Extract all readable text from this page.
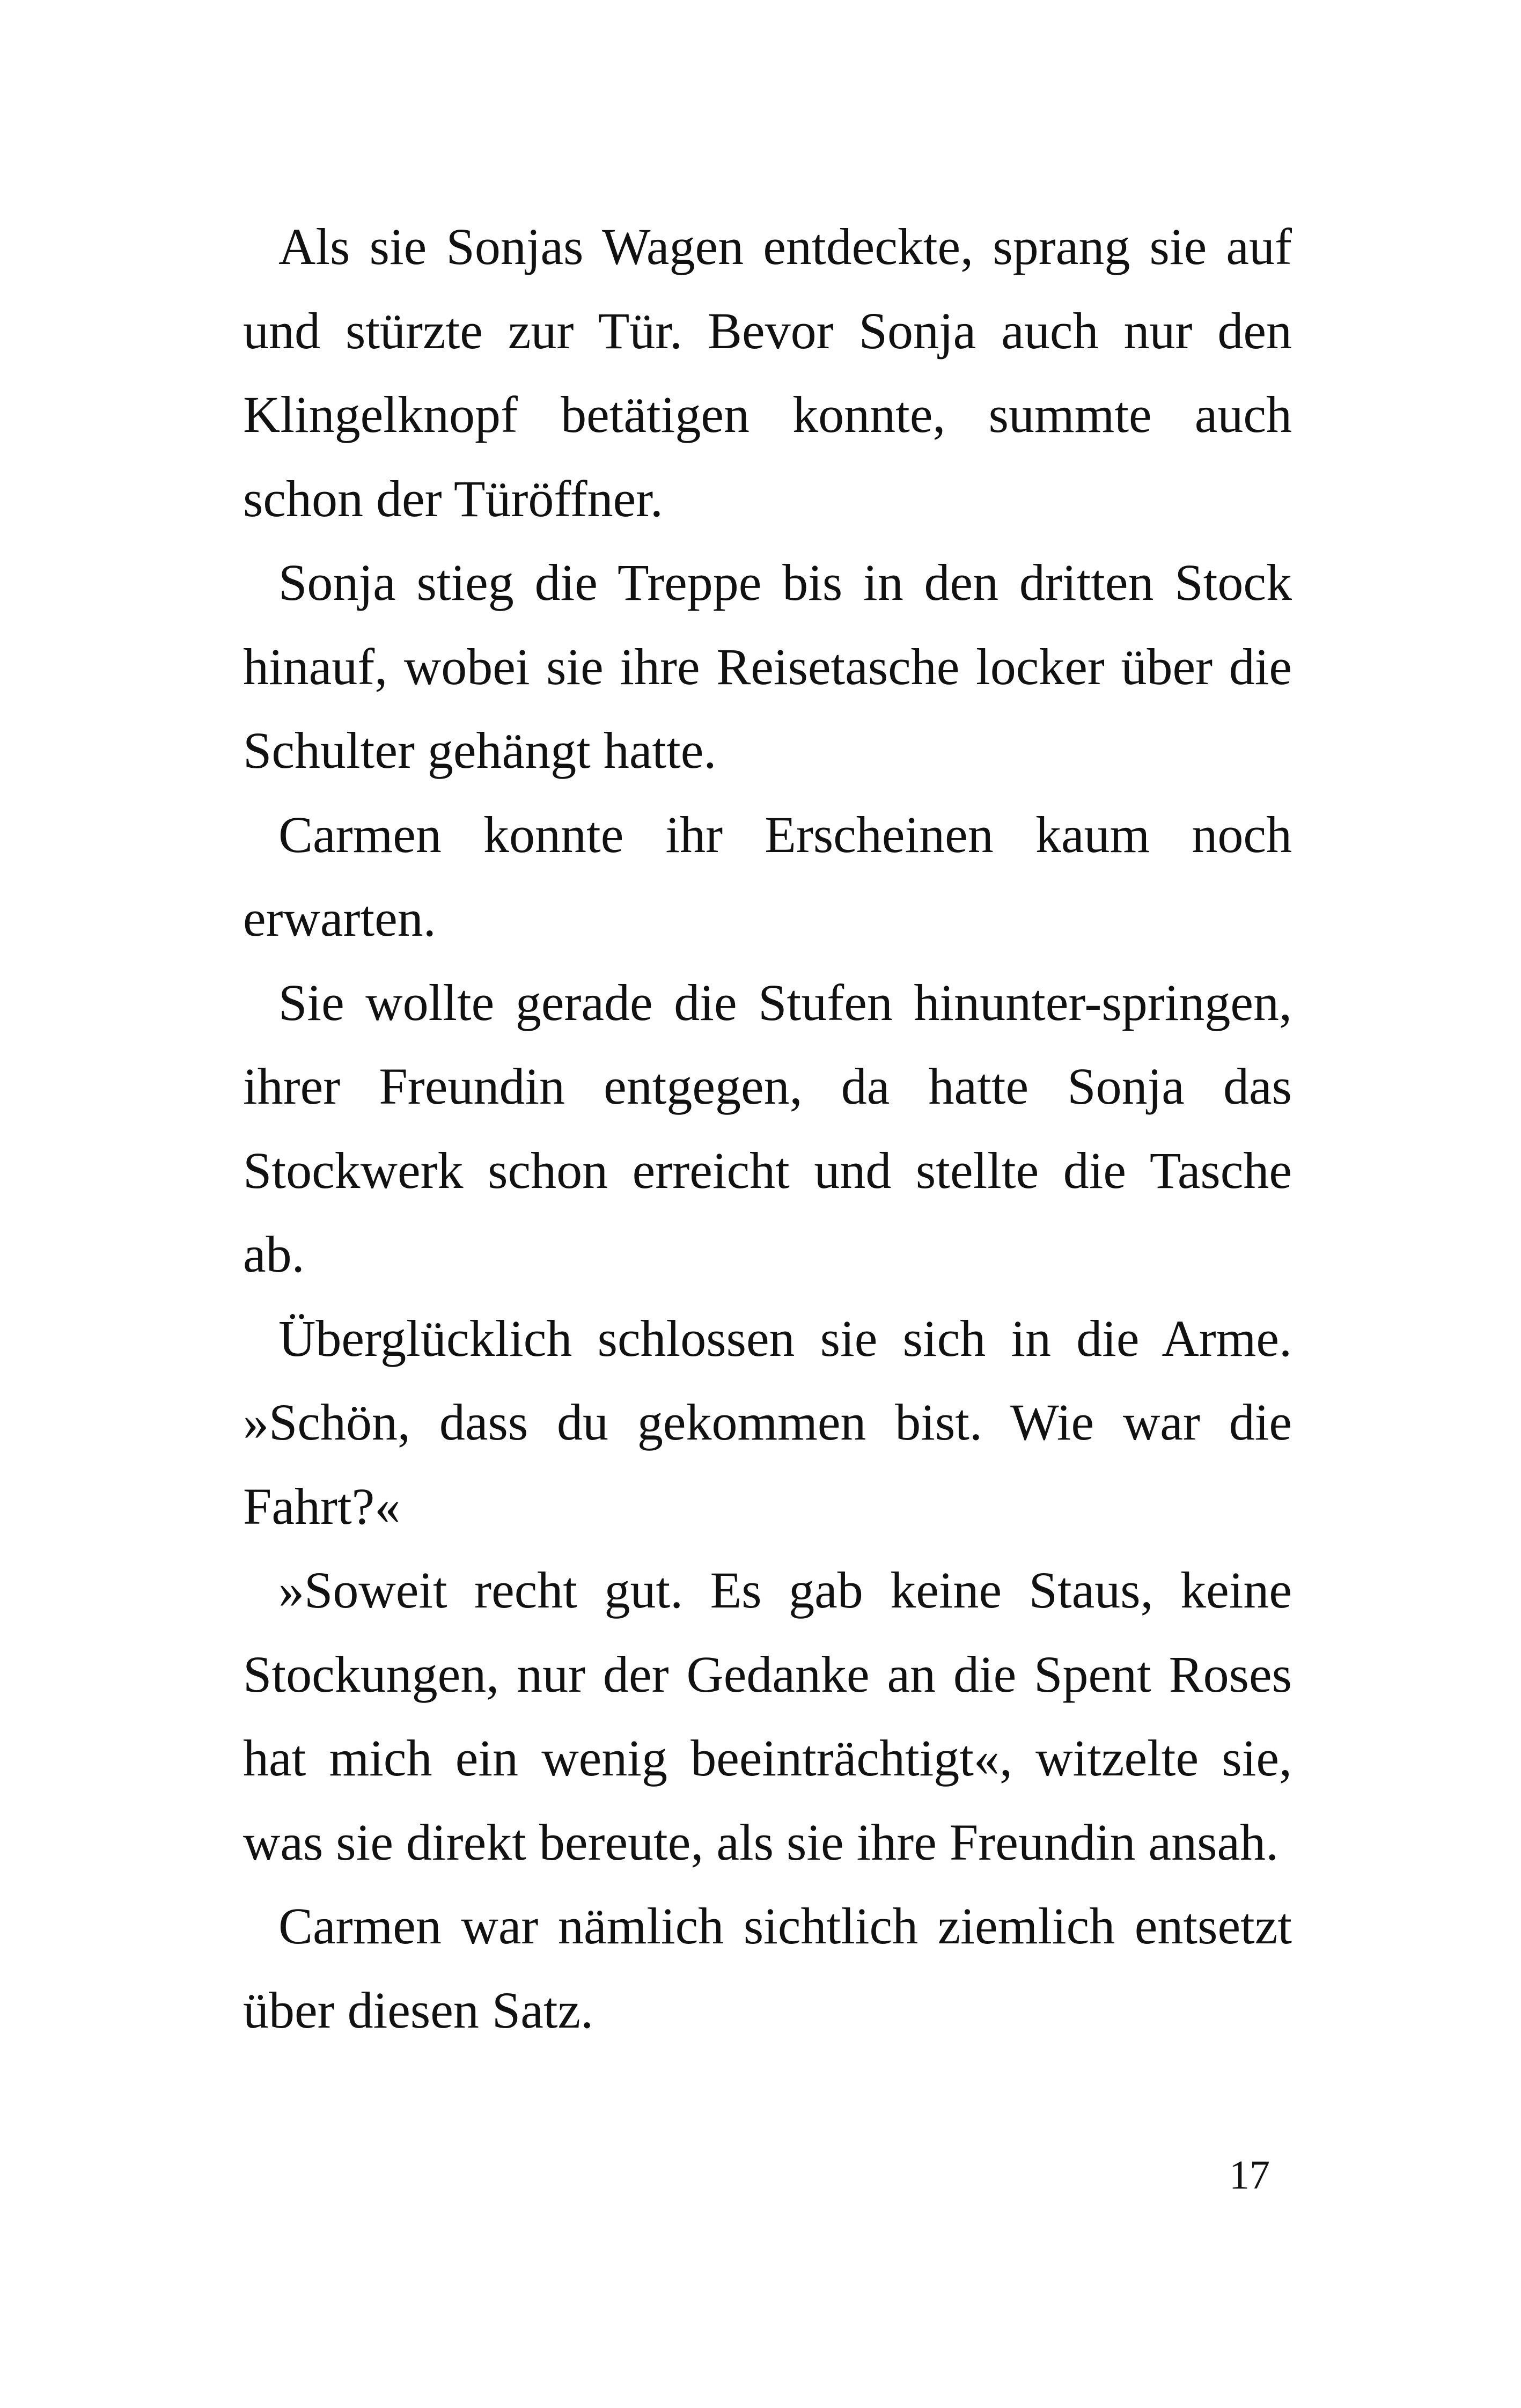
Als sie Sonjas Wagen entdeckte, sprang sie auf und stürzte zur Tür. Bevor Sonja auch nur den Klingelknopf betätigen konnte, summte auch schon der Türöffner.

Sonja stieg die Treppe bis in den dritten Stock hinauf, wobei sie ihre Reisetasche locker über die Schulter gehängt hatte.

Carmen konnte ihr Erscheinen kaum noch erwarten.

Sie wollte gerade die Stufen hinunter-springen, ihrer Freundin entgegen, da hatte Sonja das Stockwerk schon erreicht und stellte die Tasche ab.

Überglücklich schlossen sie sich in die Arme. »Schön, dass du gekommen bist. Wie war die Fahrt?«

»Soweit recht gut. Es gab keine Staus, keine Stockungen, nur der Gedanke an die Spent Roses hat mich ein wenig beeinträchtigt«, witzelte sie, was sie direkt bereute, als sie ihre Freundin ansah.

Carmen war nämlich sichtlich ziemlich entsetzt über diesen Satz.

17
